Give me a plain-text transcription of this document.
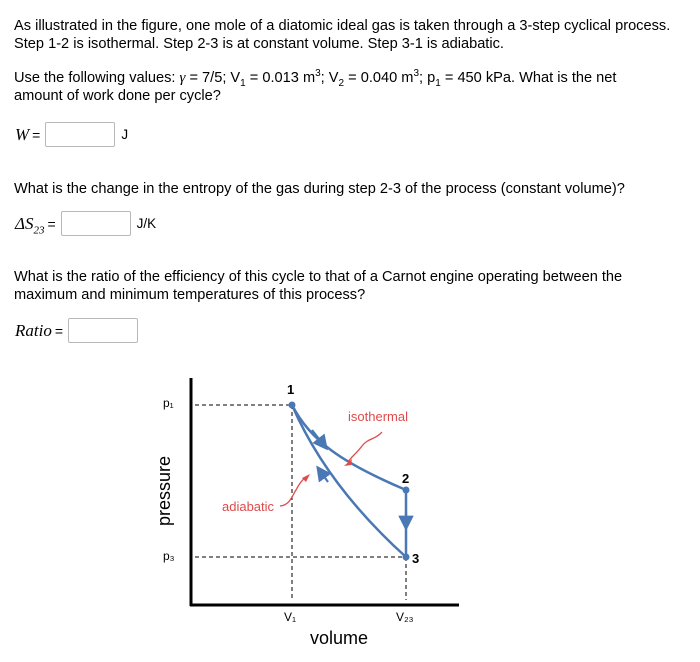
As illustrated in the figure, one mole of a diatomic ideal gas is taken through a 3-step cyclical process. Step 1-2 is isothermal. Step 2-3 is at constant volume. Step 3-1 is adiabatic.
Use the following values: γ = 7/5; $V_1 = 0.013$ $m^3$; $V_2 = 0.040$ $m^3$; $p_1 = 450$ kPa. What is the net
amount of work done per cycle?
W =	J
What is the change in the entropy of the gas during step 2-3 of the process (constant volume)?
$\Delta S_{23}$ =	J/K
What is the ratio of the efficiency of this cycle to that of a Carnot engine operating between the maximum and minimum temperatures of this process?
Ratio =
1
2
3
isothermal
adiabatic
p₁
p₃
V₁	V₂₃
volume
pressure
